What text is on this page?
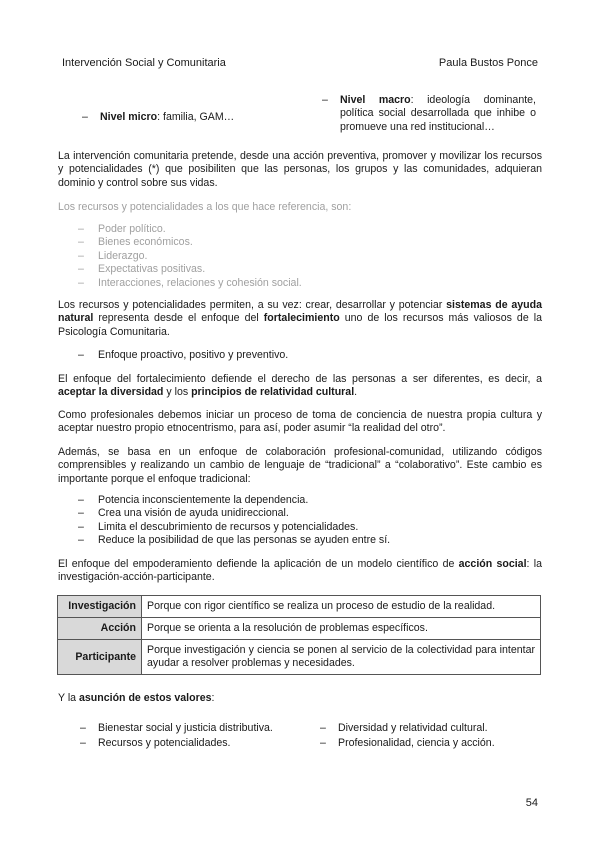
Intervención Social y Comunitaria	Paula Bustos Ponce
– Nivel micro: familia, GAM…
–	Nivel macro: ideología dominante, política social desarrollada que inhibe o promueve una red institucional…
La intervención comunitaria pretende, desde una acción preventiva, promover y movilizar los recursos y potencialidades (*) que posibiliten que las personas, los grupos y las comunidades, adquieran dominio y control sobre sus vidas.
Los recursos y potencialidades a los que hace referencia, son:
– Poder político.
– Bienes económicos.
– Liderazgo.
– Expectativas positivas.
– Interacciones, relaciones y cohesión social.
Los recursos y potencialidades permiten, a su vez: crear, desarrollar y potenciar sistemas de ayuda natural representa desde el enfoque del fortalecimiento uno de los recursos más valiosos de la Psicología Comunitaria.
– Enfoque proactivo, positivo y preventivo.
El enfoque del fortalecimiento defiende el derecho de las personas a ser diferentes, es decir, a aceptar la diversidad y los principios de relatividad cultural.
Como profesionales debemos iniciar un proceso de toma de conciencia de nuestra propia cultura y aceptar nuestro propio etnocentrismo, para así, poder asumir “la realidad del otro”.
Además, se basa en un enfoque de colaboración profesional-comunidad, utilizando códigos comprensibles y realizando un cambio de lenguaje de “tradicional” a “colaborativo”. Este cambio es importante porque el enfoque tradicional:
– Potencia inconscientemente la dependencia.
– Crea una visión de ayuda unidireccional.
– Limita el descubrimiento de recursos y potencialidades.
– Reduce la posibilidad de que las personas se ayuden entre sí.
El enfoque del empoderamiento defiende la aplicación de un modelo científico de acción social: la investigación-acción-participante.
Investigación	Porque con rigor científico se realiza un proceso de estudio de la realidad.
Acción	Porque se orienta a la resolución de problemas específicos.
Participante	Porque investigación y ciencia se ponen al servicio de la colectividad para intentar ayudar a resolver problemas y necesidades.
Y la asunción de estos valores:
– Bienestar social y justicia distributiva.
– Recursos y potencialidades.
– Diversidad y relatividad cultural.
– Profesionalidad, ciencia y acción.
54
